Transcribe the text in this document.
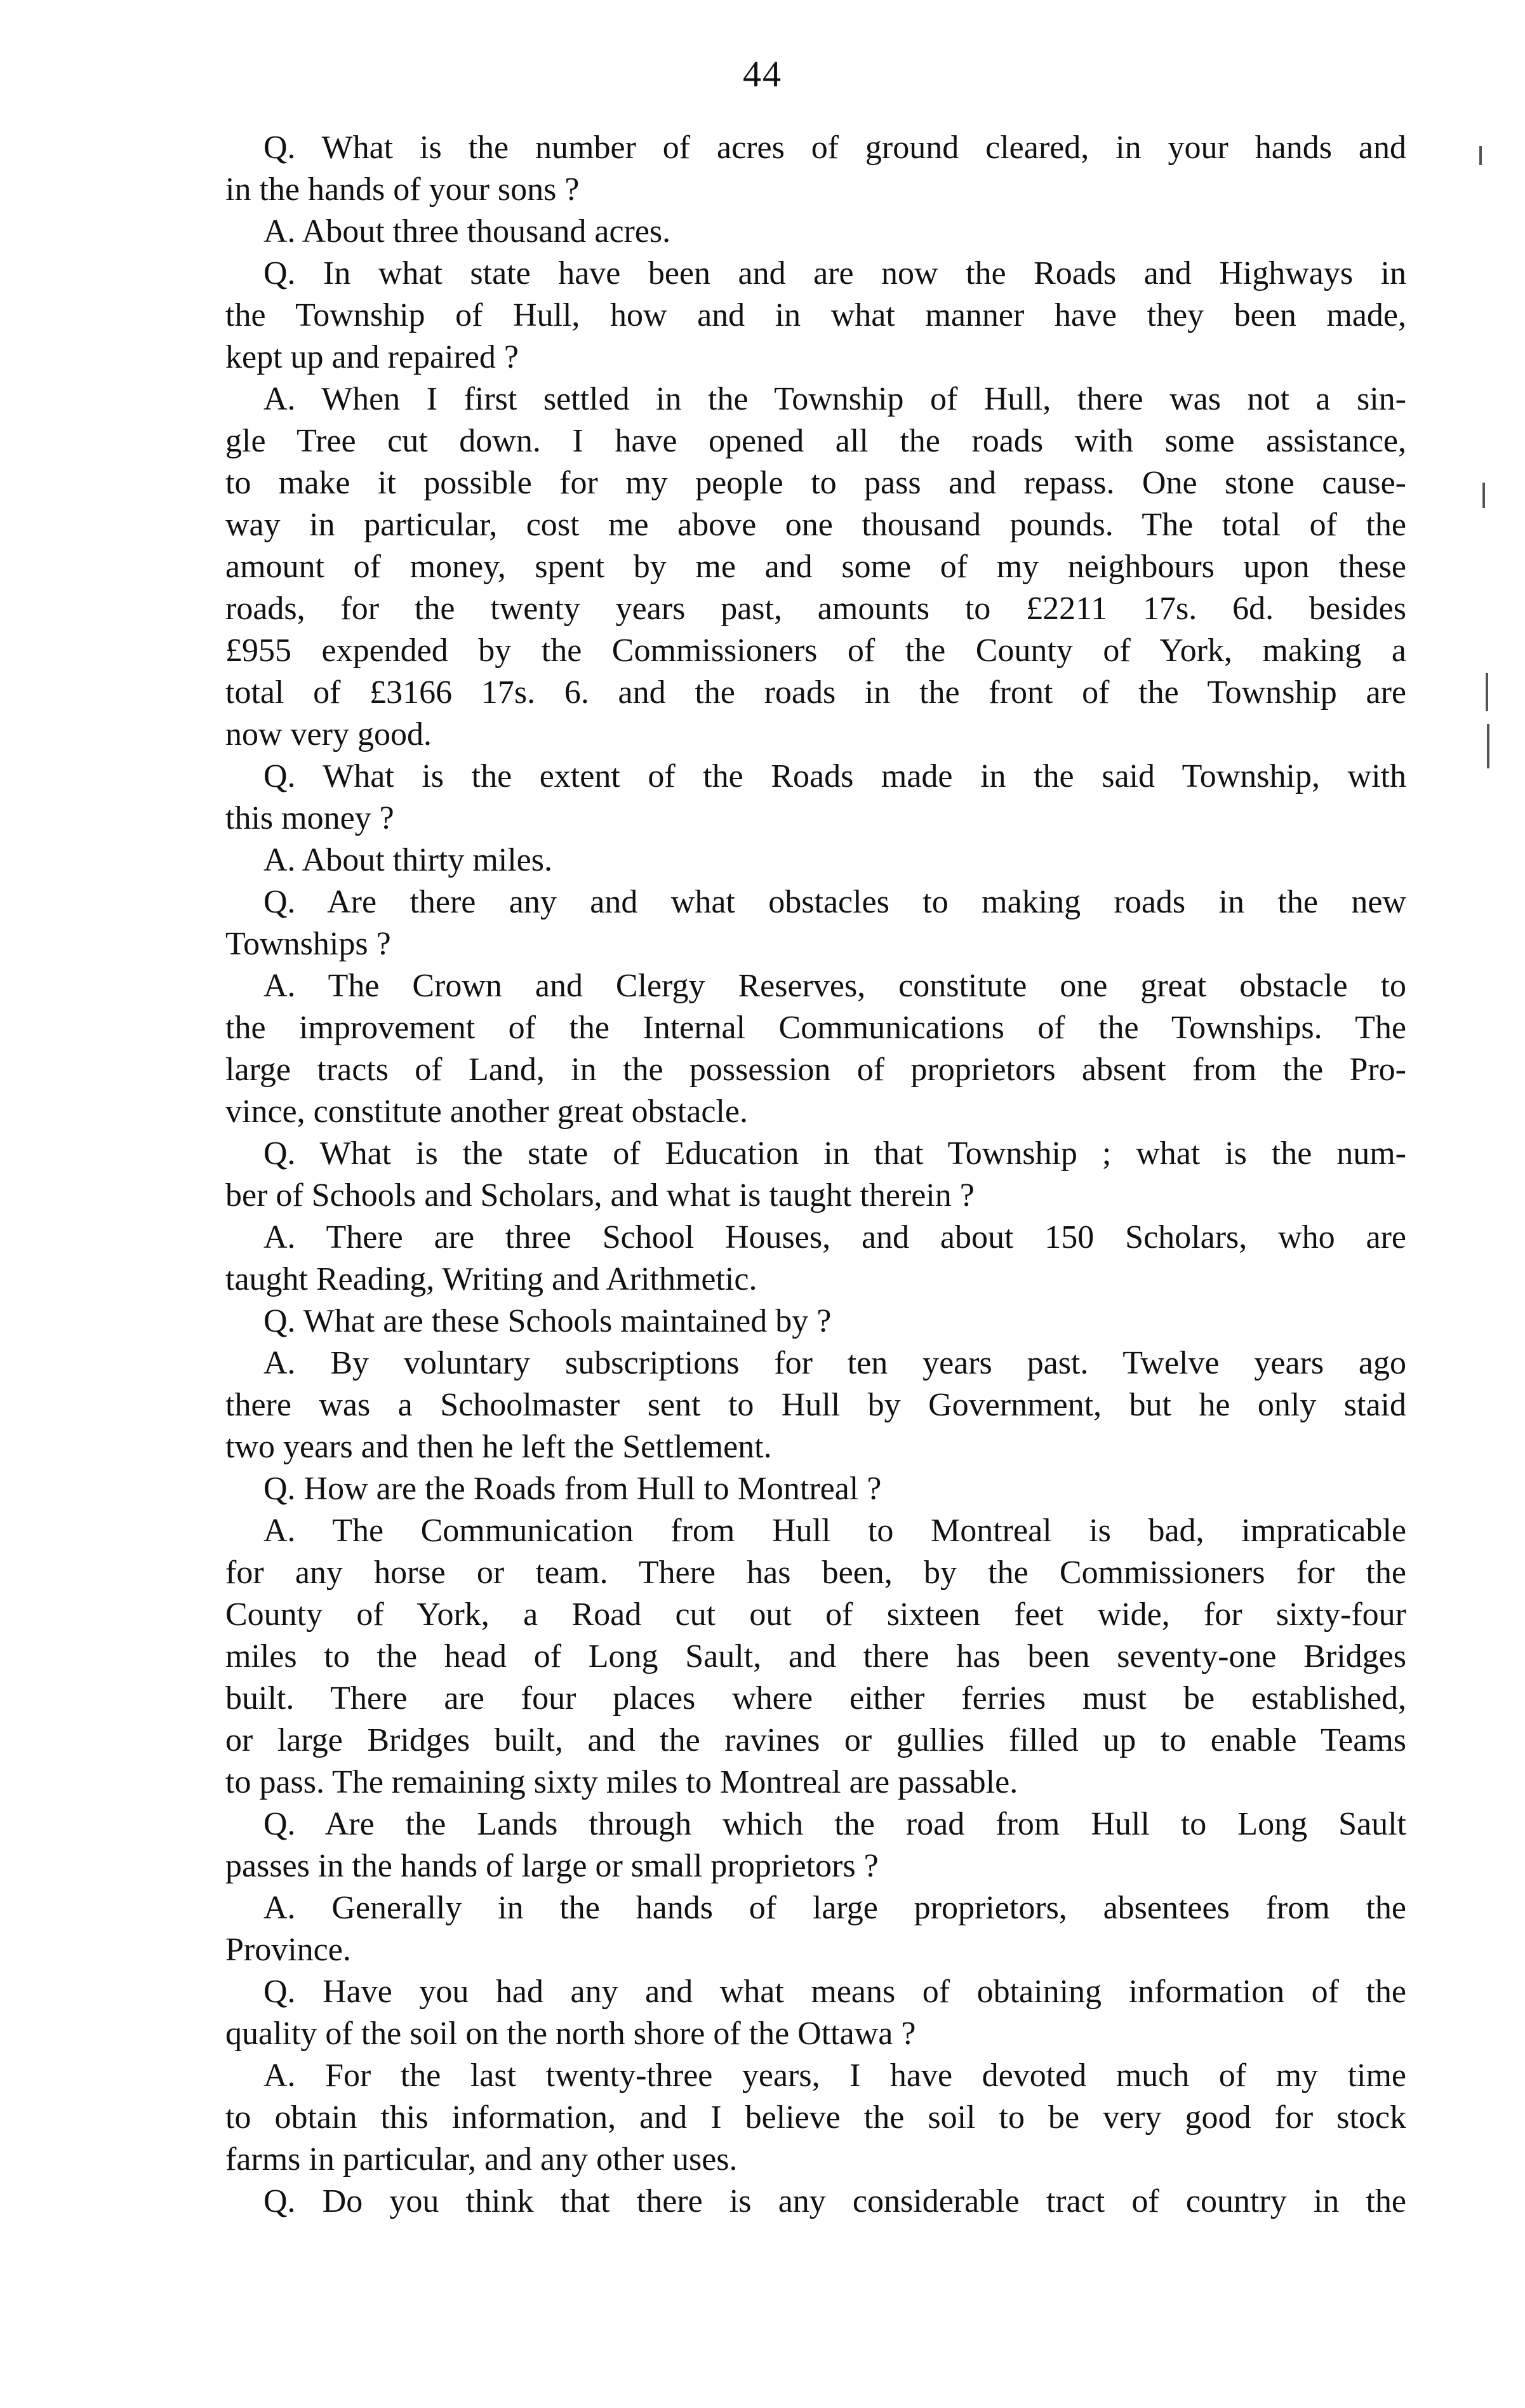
44
Q. What is the number of acres of ground cleared, in your hands and
in the hands of your sons ?
A. About three thousand acres.
Q. In what state have been and are now the Roads and Highways in
the Township of Hull, how and in what manner have they been made,
kept up and repaired ?
A. When I first settled in the Township of Hull, there was not a sin-
gle Tree cut down. I have opened all the roads with some assistance,
to make it possible for my people to pass and repass. One stone cause-
way in particular, cost me above one thousand pounds. The total of the
amount of money, spent by me and some of my neighbours upon these
roads, for the twenty years past, amounts to £2211 17s. 6d. besides
£955 expended by the Commissioners of the County of York, making a
total of £3166 17s. 6. and the roads in the front of the Township are
now very good.
Q. What is the extent of the Roads made in the said Township, with
this money ?
A. About thirty miles.
Q. Are there any and what obstacles to making roads in the new
Townships ?
A. The Crown and Clergy Reserves, constitute one great obstacle to
the improvement of the Internal Communications of the Townships. The
large tracts of Land, in the possession of proprietors absent from the Pro-
vince, constitute another great obstacle.
Q. What is the state of Education in that Township ; what is the num-
ber of Schools and Scholars, and what is taught therein ?
A. There are three School Houses, and about 150 Scholars, who are
taught Reading, Writing and Arithmetic.
Q. What are these Schools maintained by ?
A. By voluntary subscriptions for ten years past. Twelve years ago
there was a Schoolmaster sent to Hull by Government, but he only staid
two years and then he left the Settlement.
Q. How are the Roads from Hull to Montreal ?
A. The Communication from Hull to Montreal is bad, impraticable
for any horse or team. There has been, by the Commissioners for the
County of York, a Road cut out of sixteen feet wide, for sixty-four
miles to the head of Long Sault, and there has been seventy-one Bridges
built. There are four places where either ferries must be established,
or large Bridges built, and the ravines or gullies filled up to enable Teams
to pass. The remaining sixty miles to Montreal are passable.
Q. Are the Lands through which the road from Hull to Long Sault
passes in the hands of large or small proprietors ?
A. Generally in the hands of large proprietors, absentees from the
Province.
Q. Have you had any and what means of obtaining information of the
quality of the soil on the north shore of the Ottawa ?
A. For the last twenty-three years, I have devoted much of my time
to obtain this information, and I believe the soil to be very good for stock
farms in particular, and any other uses.
Q. Do you think that there is any considerable tract of country in the
